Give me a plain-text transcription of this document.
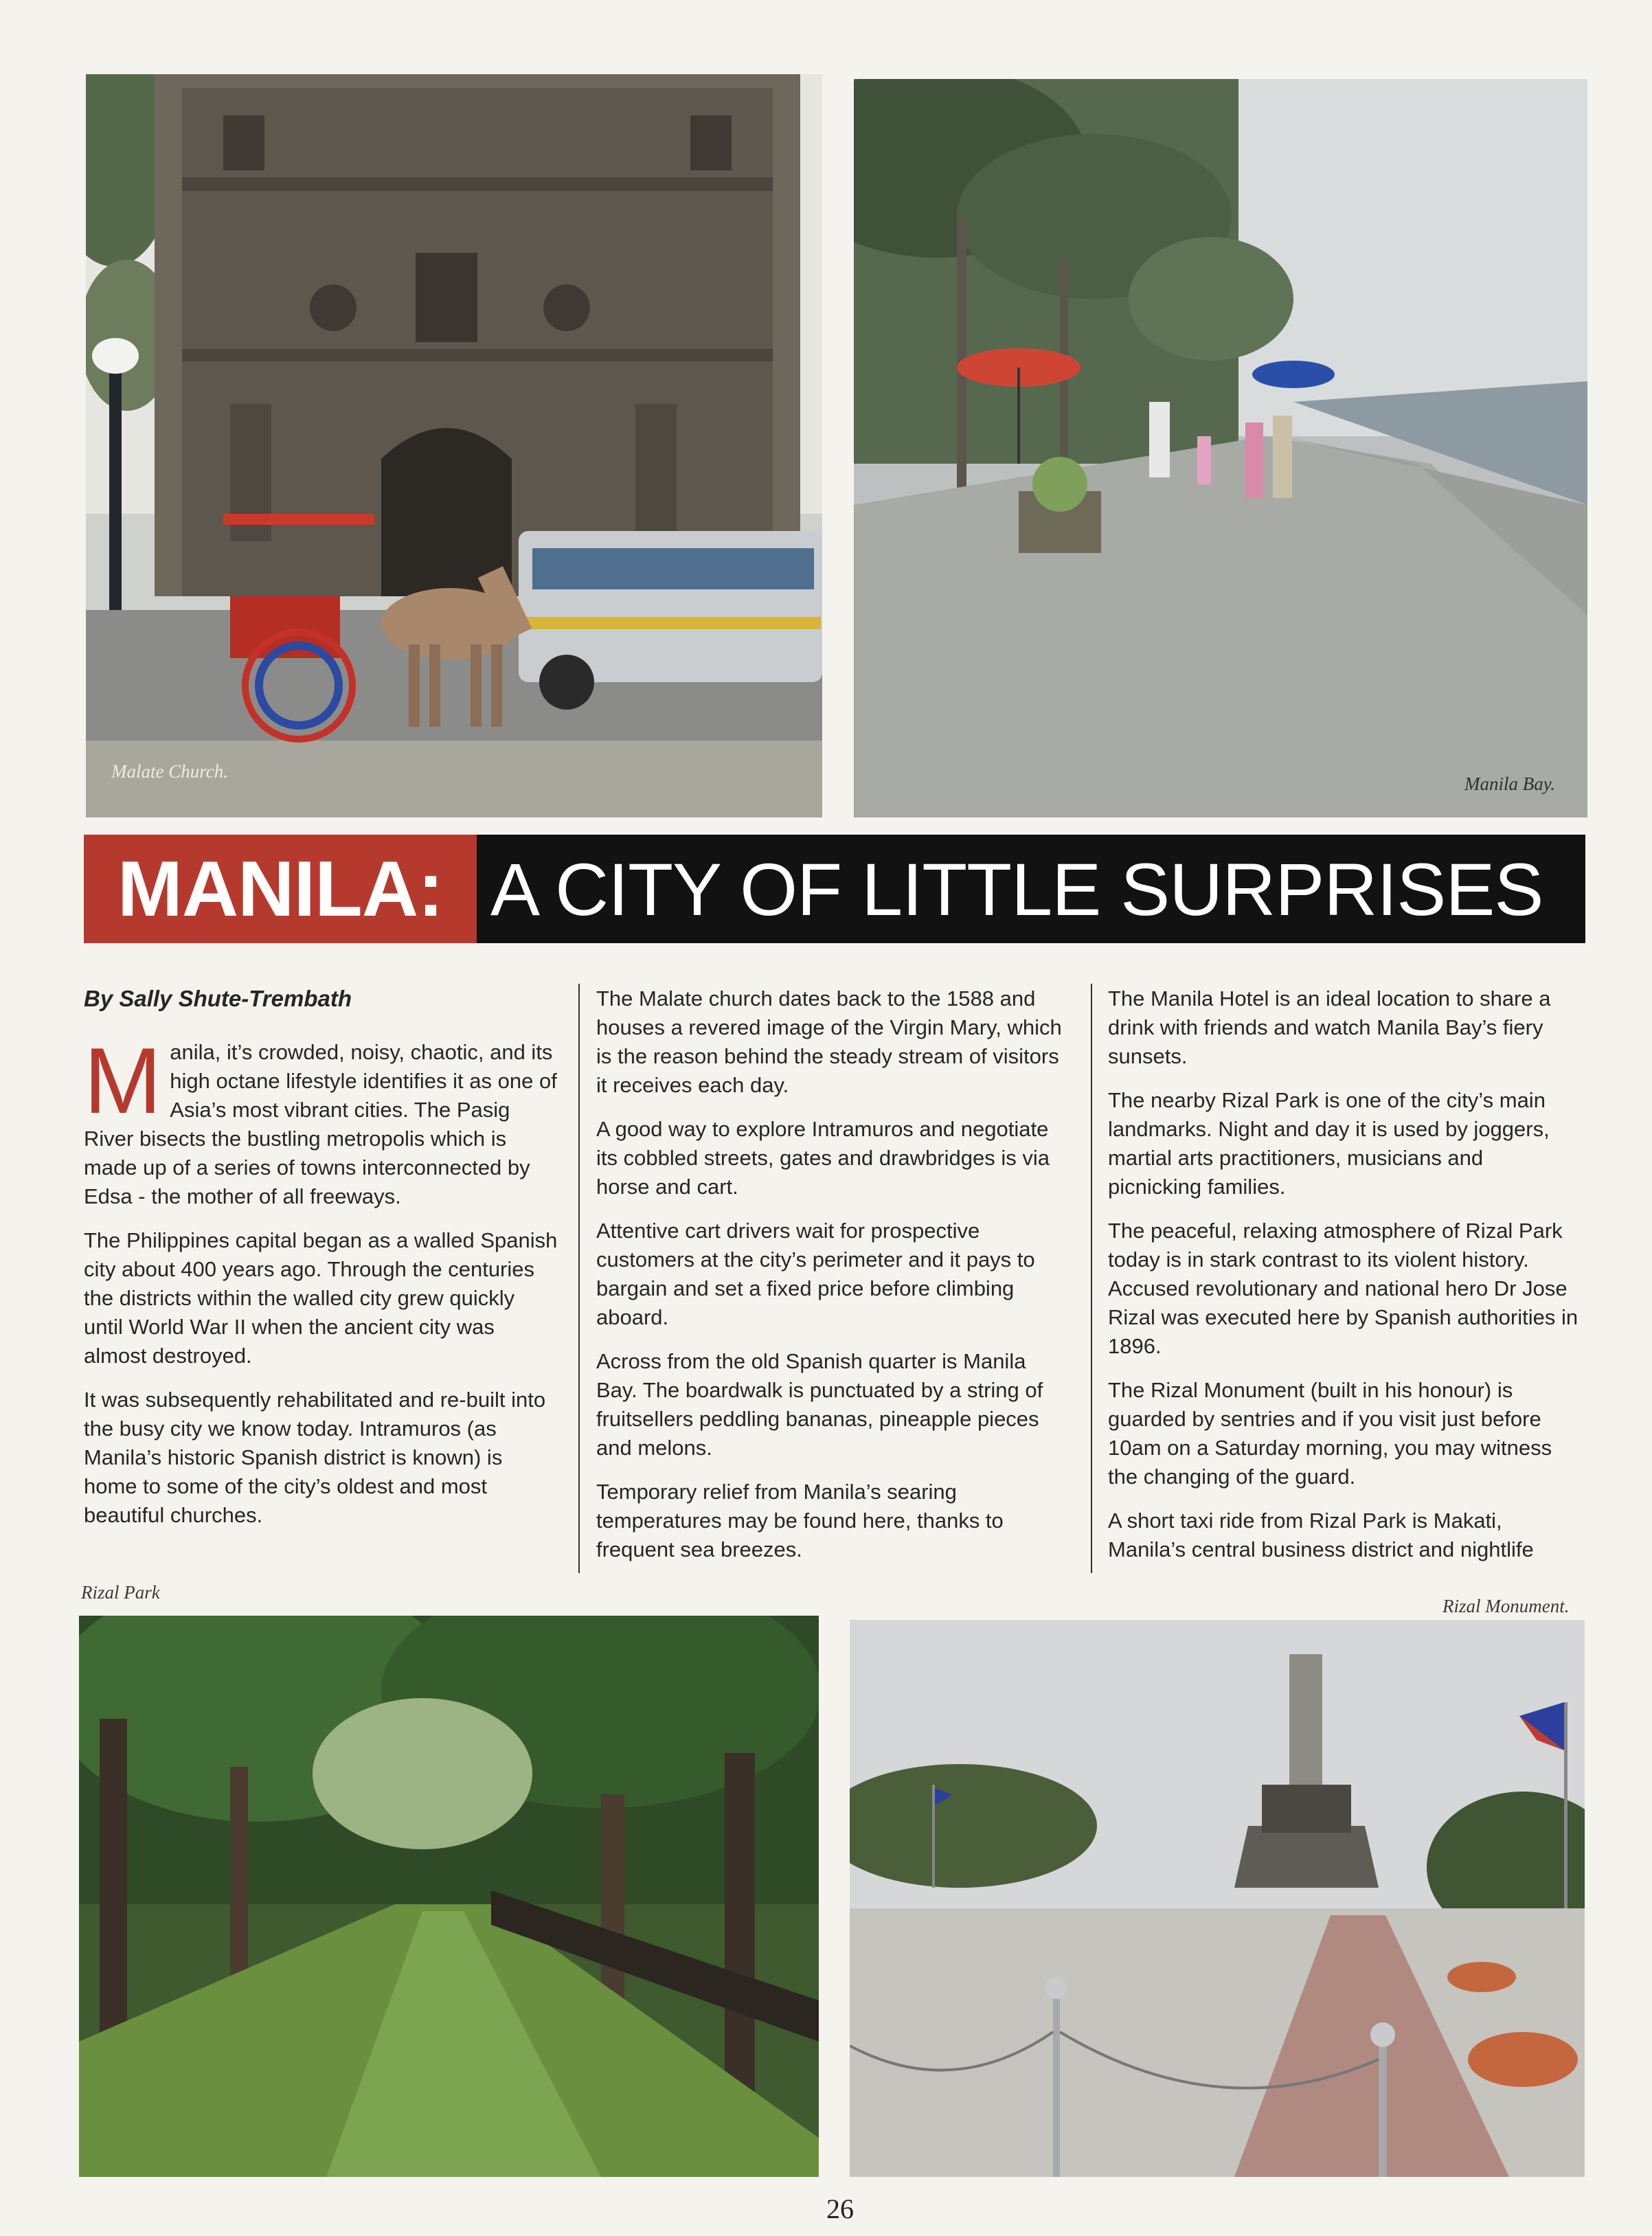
Malate Church.
Manila Bay.
MANILA: A CITY OF LITTLE SURPRISES

By Sally Shute-Trembath

Manila, it’s crowded, noisy, chaotic, and its high octane lifestyle identifies it as one of Asia’s most vibrant cities. The Pasig River bisects the bustling metropolis which is made up of a series of towns interconnected by Edsa - the mother of all freeways.

The Philippines capital began as a walled Spanish city about 400 years ago. Through the centuries the districts within the walled city grew quickly until World War II when the ancient city was almost destroyed.

It was subsequently rehabilitated and re-built into the busy city we know today. Intramuros (as Manila’s historic Spanish district is known) is home to some of the city’s oldest and most beautiful churches.

The Malate church dates back to the 1588 and houses a revered image of the Virgin Mary, which is the reason behind the steady stream of visitors it receives each day.

A good way to explore Intramuros and negotiate its cobbled streets, gates and drawbridges is via horse and cart.

Attentive cart drivers wait for prospective customers at the city’s perimeter and it pays to bargain and set a fixed price before climbing aboard.

Across from the old Spanish quarter is Manila Bay. The boardwalk is punctuated by a string of fruitsellers peddling bananas, pineapple pieces and melons.

Temporary relief from Manila’s searing temperatures may be found here, thanks to frequent sea breezes.

The Manila Hotel is an ideal location to share a drink with friends and watch Manila Bay’s fiery sunsets.

The nearby Rizal Park is one of the city’s main landmarks. Night and day it is used by joggers, martial arts practitioners, musicians and picnicking families.

The peaceful, relaxing atmosphere of Rizal Park today is in stark contrast to its violent history. Accused revolutionary and national hero Dr Jose Rizal was executed here by Spanish authorities in 1896.

The Rizal Monument (built in his honour) is guarded by sentries and if you visit just before 10am on a Saturday morning, you may witness the changing of the guard.

A short taxi ride from Rizal Park is Makati, Manila’s central business district and nightlife

Rizal Park
Rizal Monument.
26
